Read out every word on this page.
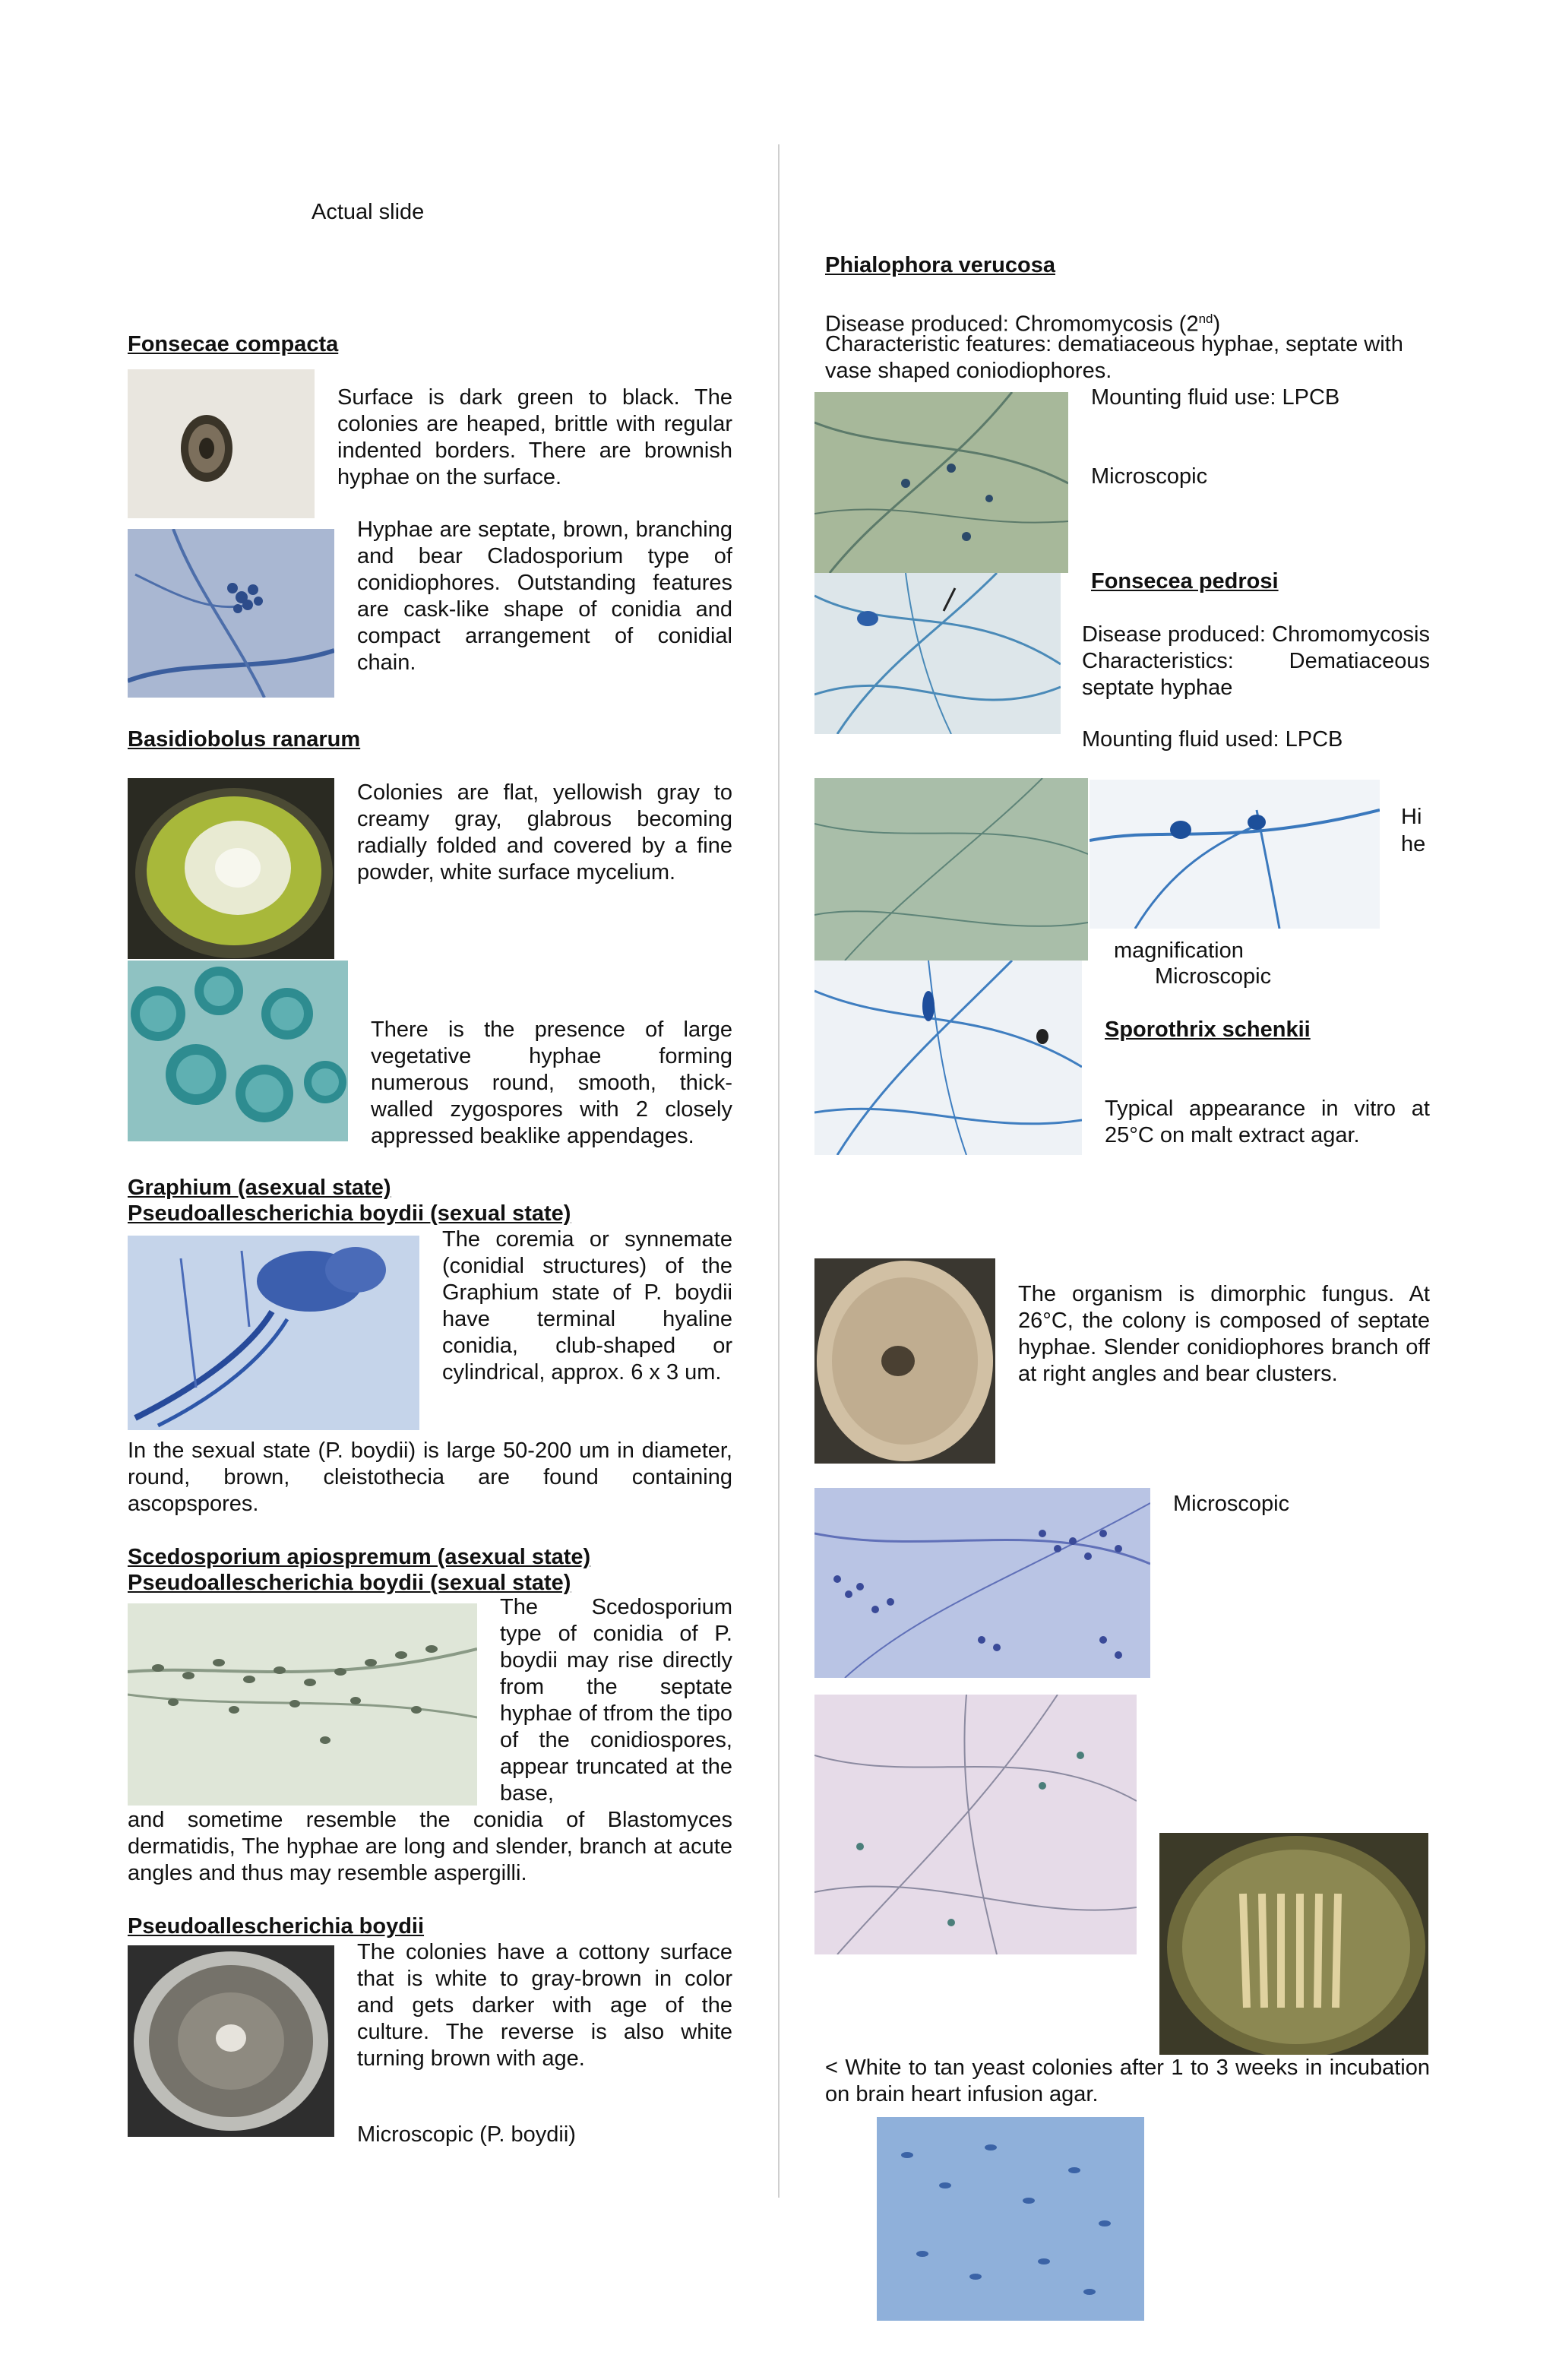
Actual slide
Fonsecae compacta
Surface is dark green to black. The colonies are heaped, brittle with regular indented borders. There are brownish hyphae on the surface.
Hyphae are septate, brown, branching and bear Cladosporium type of conidiophores. Outstanding features are cask-like shape of conidia and compact arrangement of conidial chain.
Basidiobolus ranarum
Colonies are flat, yellowish gray to creamy gray, glabrous becoming radially folded and covered by a fine powder, white surface mycelium.
There is the presence of large vegetative hyphae forming numerous round, smooth, thick-walled zygospores with 2 closely appressed beaklike appendages.
Graphium (asexual state)
Pseudoallescherichia boydii (sexual state)
The coremia or synnemate (conidial structures) of the Graphium state of P. boydii have terminal hyaline conidia, club-shaped or cylindrical, approx. 6 x 3 um.
In the sexual state (P. boydii) is large 50-200 um in diameter, round, brown, cleistothecia are found containing ascopspores.
Scedosporium apiospremum (asexual state)
Pseudoallescherichia boydii (sexual state)
The Scedosporium type of conidia of P. boydii may rise directly from the septate hyphae of tfrom the tipo of the conidiospores, appear truncated at the base,
and sometime resemble the conidia of Blastomyces dermatidis, The hyphae are long and slender, branch at acute angles and thus may resemble aspergilli.
Pseudoallescherichia boydii
The colonies have a cottony surface that is white to gray-brown in color and gets darker with age of the culture. The reverse is also white turning brown with age.
Microscopic (P. boydii)
Phialophora verucosa
Disease produced: Chromomycosis (2nd)
Characteristic features: dematiaceous hyphae, septate with vase shaped coniodiophores.
Mounting fluid use: LPCB
Microscopic
Fonsecea pedrosi
Disease produced: Chromomycosis Characteristics: Dematiaceous septate hyphae
Mounting fluid used: LPCB
Hi
he
magnification
Microscopic
Sporothrix schenkii
Typical appearance in vitro at 25°C on malt extract agar.
The organism is dimorphic fungus. At 26°C, the colony is composed of septate hyphae. Slender conidiophores branch off at right angles and bear clusters.
Microscopic
< White to tan yeast colonies after 1 to 3 weeks in incubation on brain heart infusion agar.
